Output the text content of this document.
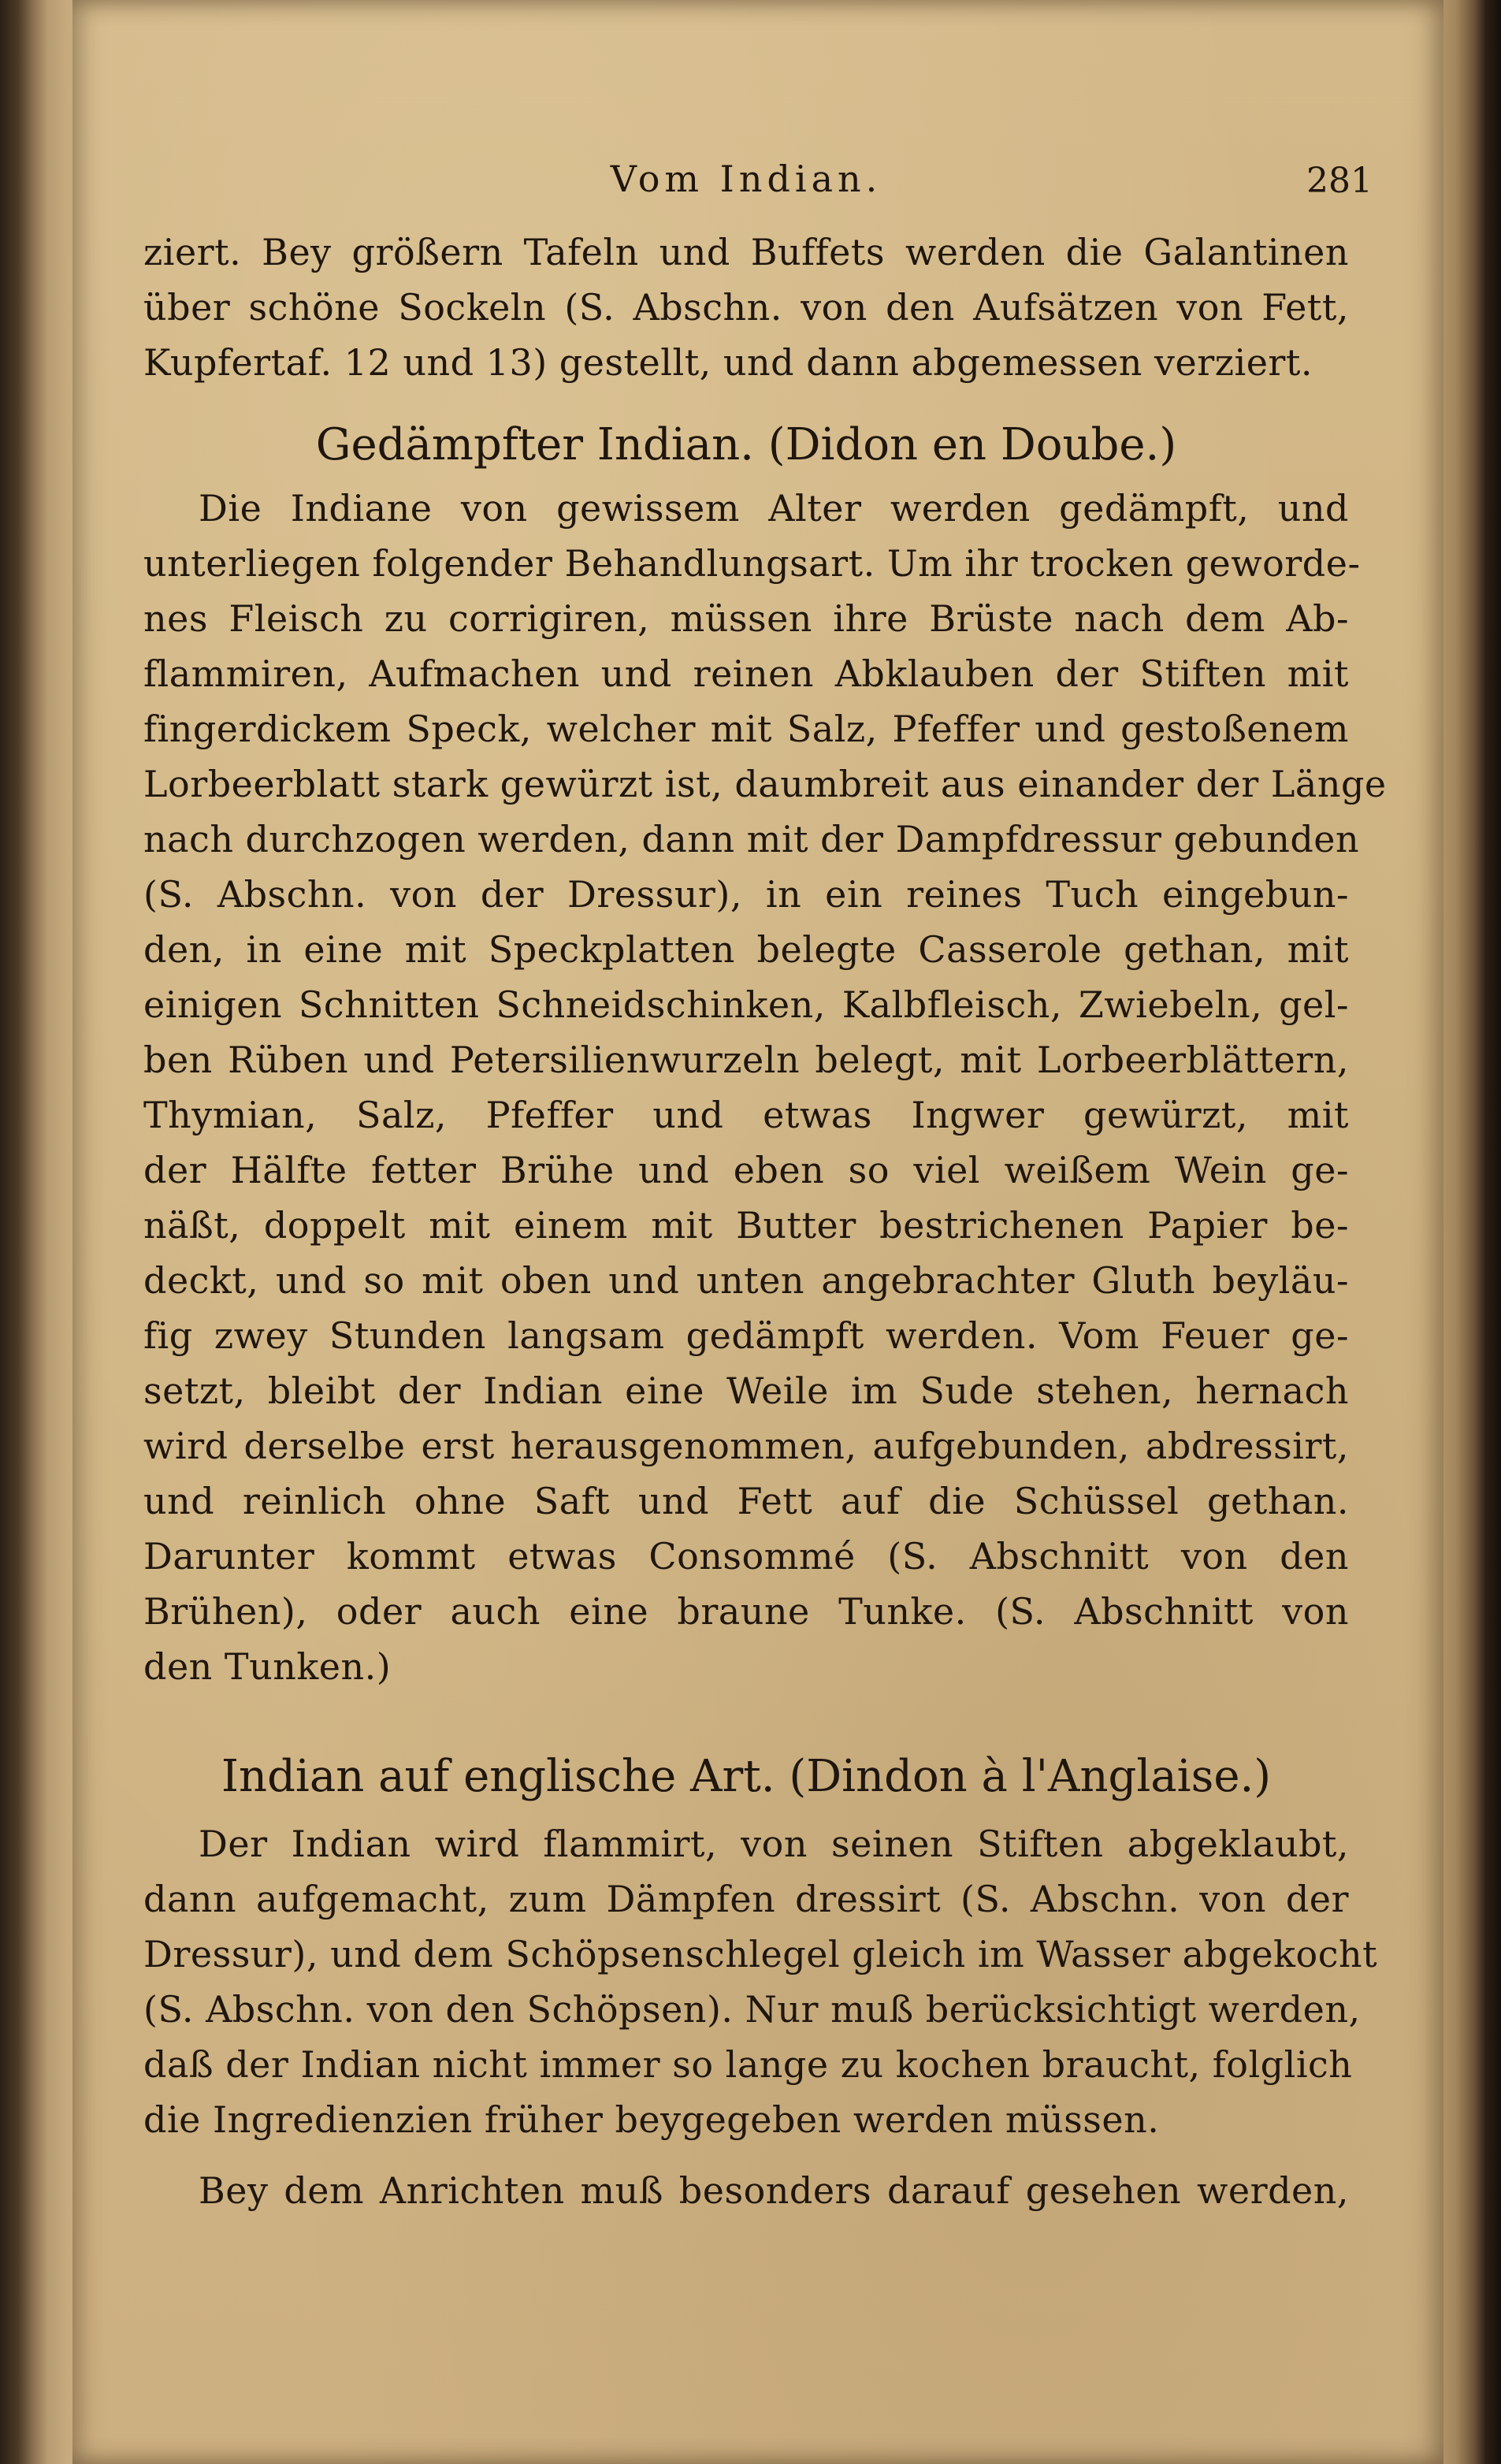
Vom Indian.	281
ziert. Bey größern Tafeln und Buffets werden die Galantinen
über schöne Sockeln (S. Abschn. von den Aufsätzen von Fett,
Kupfertaf. 12 und 13) gestellt, und dann abgemessen verziert.
Gedämpfter Indian. (Didon en Doube.)
Die Indiane von gewissem Alter werden gedämpft, und
unterliegen folgender Behandlungsart. Um ihr trocken geworde-
nes Fleisch zu corrigiren, müssen ihre Brüste nach dem Ab-
flammiren, Aufmachen und reinen Abklauben der Stiften mit
fingerdickem Speck, welcher mit Salz, Pfeffer und gestoßenem
Lorbeerblatt stark gewürzt ist, daumbreit aus einander der Länge
nach durchzogen werden, dann mit der Dampfdressur gebunden
(S. Abschn. von der Dressur), in ein reines Tuch eingebun-
den, in eine mit Speckplatten belegte Casserole gethan, mit
einigen Schnitten Schneidschinken, Kalbfleisch, Zwiebeln, gel-
ben Rüben und Petersilienwurzeln belegt, mit Lorbeerblättern,
Thymian, Salz, Pfeffer und etwas Ingwer gewürzt, mit
der Hälfte fetter Brühe und eben so viel weißem Wein ge-
näßt, doppelt mit einem mit Butter bestrichenen Papier be-
deckt, und so mit oben und unten angebrachter Gluth beyläu-
fig zwey Stunden langsam gedämpft werden. Vom Feuer ge-
setzt, bleibt der Indian eine Weile im Sude stehen, hernach
wird derselbe erst herausgenommen, aufgebunden, abdressirt,
und reinlich ohne Saft und Fett auf die Schüssel gethan.
Darunter kommt etwas Consommé (S. Abschnitt von den
Brühen), oder auch eine braune Tunke. (S. Abschnitt von
den Tunken.)
Indian auf englische Art. (Dindon à l'Anglaise.)
Der Indian wird flammirt, von seinen Stiften abgeklaubt,
dann aufgemacht, zum Dämpfen dressirt (S. Abschn. von der
Dressur), und dem Schöpsenschlegel gleich im Wasser abgekocht
(S. Abschn. von den Schöpsen). Nur muß berücksichtigt werden,
daß der Indian nicht immer so lange zu kochen braucht, folglich
die Ingredienzien früher beygegeben werden müssen.
Bey dem Anrichten muß besonders darauf gesehen werden,
